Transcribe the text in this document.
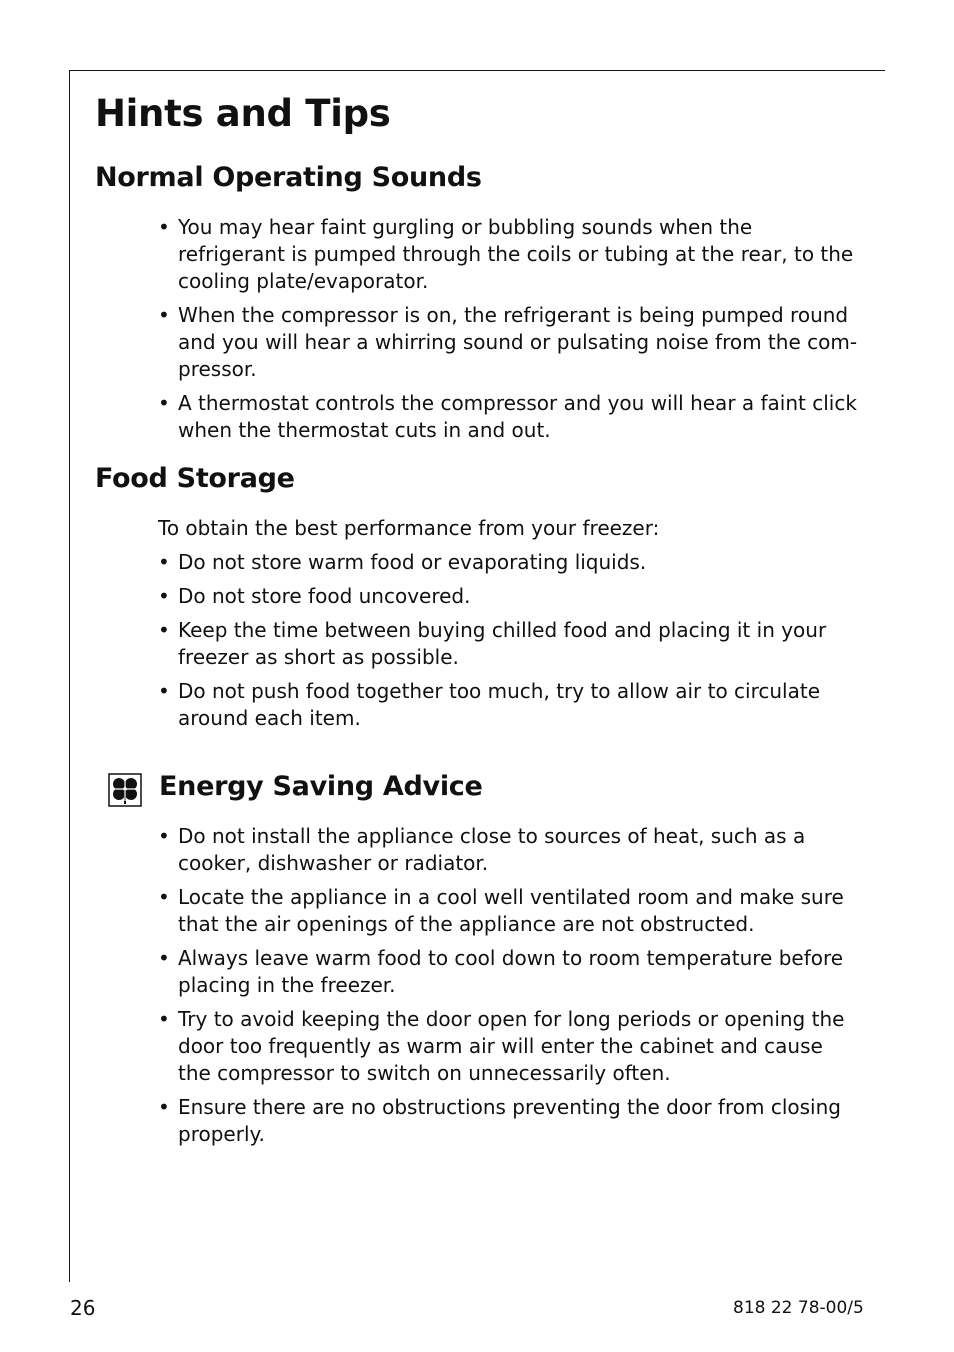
Hints and Tips
Normal Operating Sounds
• You may hear faint gurgling or bubbling sounds when the refrigerant is pumped through the coils or tubing at the rear, to the cooling plate/evaporator.
• When the compressor is on, the refrigerant is being pumped round and you will hear a whirring sound or pulsating noise from the com- pressor.
• A thermostat controls the compressor and you will hear a faint click when the thermostat cuts in and out.
Food Storage

To obtain the best performance from your freezer:

• Do not store warm food or evaporating liquids.
• Do not store food uncovered.
• Keep the time between buying chilled food and placing it in your freezer as short as possible.
• Do not push food together too much, try to allow air to circulate around each item.
Energy Saving Advice
• Do not install the appliance close to sources of heat, such as a cooker, dishwasher or radiator.
• Locate the appliance in a cool well ventilated room and make sure that the air openings of the appliance are not obstructed.
• Always leave warm food to cool down to room temperature before placing in the freezer.
• Try to avoid keeping the door open for long periods or opening the door too frequently as warm air will enter the cabinet and cause the compressor to switch on unnecessarily often.
• Ensure there are no obstructions preventing the door from closing properly.
26	818 22 78-00/5
